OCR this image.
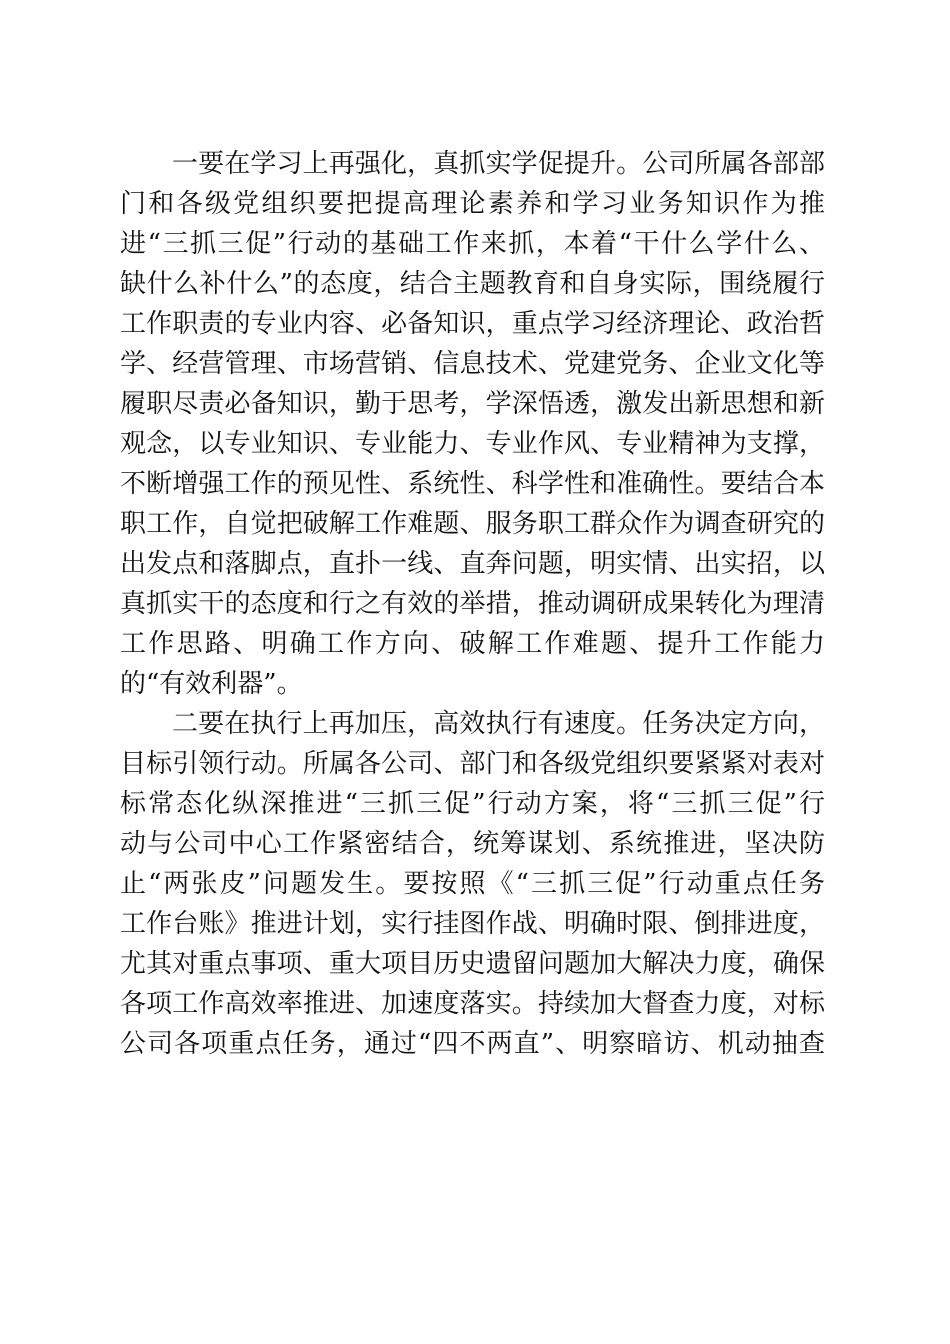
一要在学习上再强化，真抓实学促提升。公司所属各部部
门和各级党组织要把提高理论素养和学习业务知识作为推
进“三抓三促”行动的基础工作来抓，本着“干什么学什么、
缺什么补什么”的态度，结合主题教育和自身实际，围绕履行
工作职责的专业内容、必备知识，重点学习经济理论、政治哲
学、经营管理、市场营销、信息技术、党建党务、企业文化等
履职尽责必备知识，勤于思考，学深悟透，激发出新思想和新
观念，以专业知识、专业能力、专业作风、专业精神为支撑，
不断增强工作的预见性、系统性、科学性和准确性。要结合本
职工作，自觉把破解工作难题、服务职工群众作为调查研究的
出发点和落脚点，直扑一线、直奔问题，明实情、出实招，以
真抓实干的态度和行之有效的举措，推动调研成果转化为理清
工作思路、明确工作方向、破解工作难题、提升工作能力
的“有效利器”。
二要在执行上再加压，高效执行有速度。任务决定方向，
目标引领行动。所属各公司、部门和各级党组织要紧紧对表对
标常态化纵深推进“三抓三促”行动方案，将“三抓三促”行
动与公司中心工作紧密结合，统筹谋划、系统推进，坚决防
止“两张皮”问题发生。要按照《“三抓三促”行动重点任务
工作台账》推进计划，实行挂图作战、明确时限、倒排进度，
尤其对重点事项、重大项目历史遗留问题加大解决力度，确保
各项工作高效率推进、加速度落实。持续加大督查力度，对标
公司各项重点任务，通过“四不两直”、明察暗访、机动抽查
